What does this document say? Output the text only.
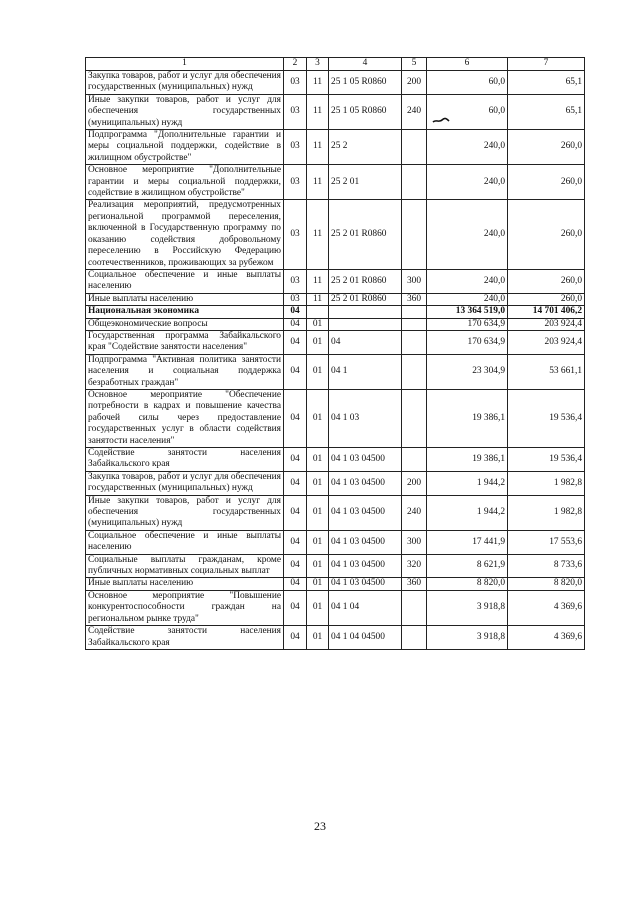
1	2	3	4	5	6	7
Закупка товаров, работ и услуг для обеспечения государственных (муниципальных) нужд	03	11	25 1 05 R0860	200	60,0	65,1
Иные закупки товаров, работ и услуг для обеспечения государственных (муниципальных) нужд	03	11	25 1 05 R0860	240	60,0	65,1
Подпрограмма "Дополнительные гарантии и меры социальной поддержки, содействие в жилищном обустройстве"	03	11	25 2		240,0	260,0
Основное мероприятие "Дополнительные гарантии и меры социальной поддержки, содействие в жилищном обустройстве"	03	11	25 2 01		240,0	260,0
Реализация мероприятий, предусмотренных региональной программой переселения, включенной в Государственную программу по оказанию содействия добровольному переселению в Российскую Федерацию соотечественников, проживающих за рубежом	03	11	25 2 01 R0860		240,0	260,0
Социальное обеспечение и иные выплаты населению	03	11	25 2 01 R0860	300	240,0	260,0
Иные выплаты населению	03	11	25 2 01 R0860	360	240,0	260,0
Национальная экономика	04				13 364 519,0	14 701 406,2
Общеэкономические вопросы	04	01			170 634,9	203 924,4
Государственная программа Забайкальского края "Содействие занятости населения"	04	01	04		170 634,9	203 924,4
Подпрограмма "Активная политика занятости населения и социальная поддержка безработных граждан"	04	01	04 1		23 304,9	53 661,1
Основное мероприятие "Обеспечение потребности в кадрах и повышение качества рабочей силы через предоставление государственных услуг в области содействия занятости населения"	04	01	04 1 03		19 386,1	19 536,4
Содействие занятости населения Забайкальского края	04	01	04 1 03 04500		19 386,1	19 536,4
Закупка товаров, работ и услуг для обеспечения государственных (муниципальных) нужд	04	01	04 1 03 04500	200	1 944,2	1 982,8
Иные закупки товаров, работ и услуг для обеспечения государственных (муниципальных) нужд	04	01	04 1 03 04500	240	1 944,2	1 982,8
Социальное обеспечение и иные выплаты населению	04	01	04 1 03 04500	300	17 441,9	17 553,6
Социальные выплаты гражданам, кроме публичных нормативных социальных выплат	04	01	04 1 03 04500	320	8 621,9	8 733,6
Иные выплаты населению	04	01	04 1 03 04500	360	8 820,0	8 820,0
Основное мероприятие "Повышение конкурентоспособности граждан на региональном рынке труда"	04	01	04 1 04		3 918,8	4 369,6
Содействие занятости населения Забайкальского края	04	01	04 1 04 04500		3 918,8	4 369,6
23
